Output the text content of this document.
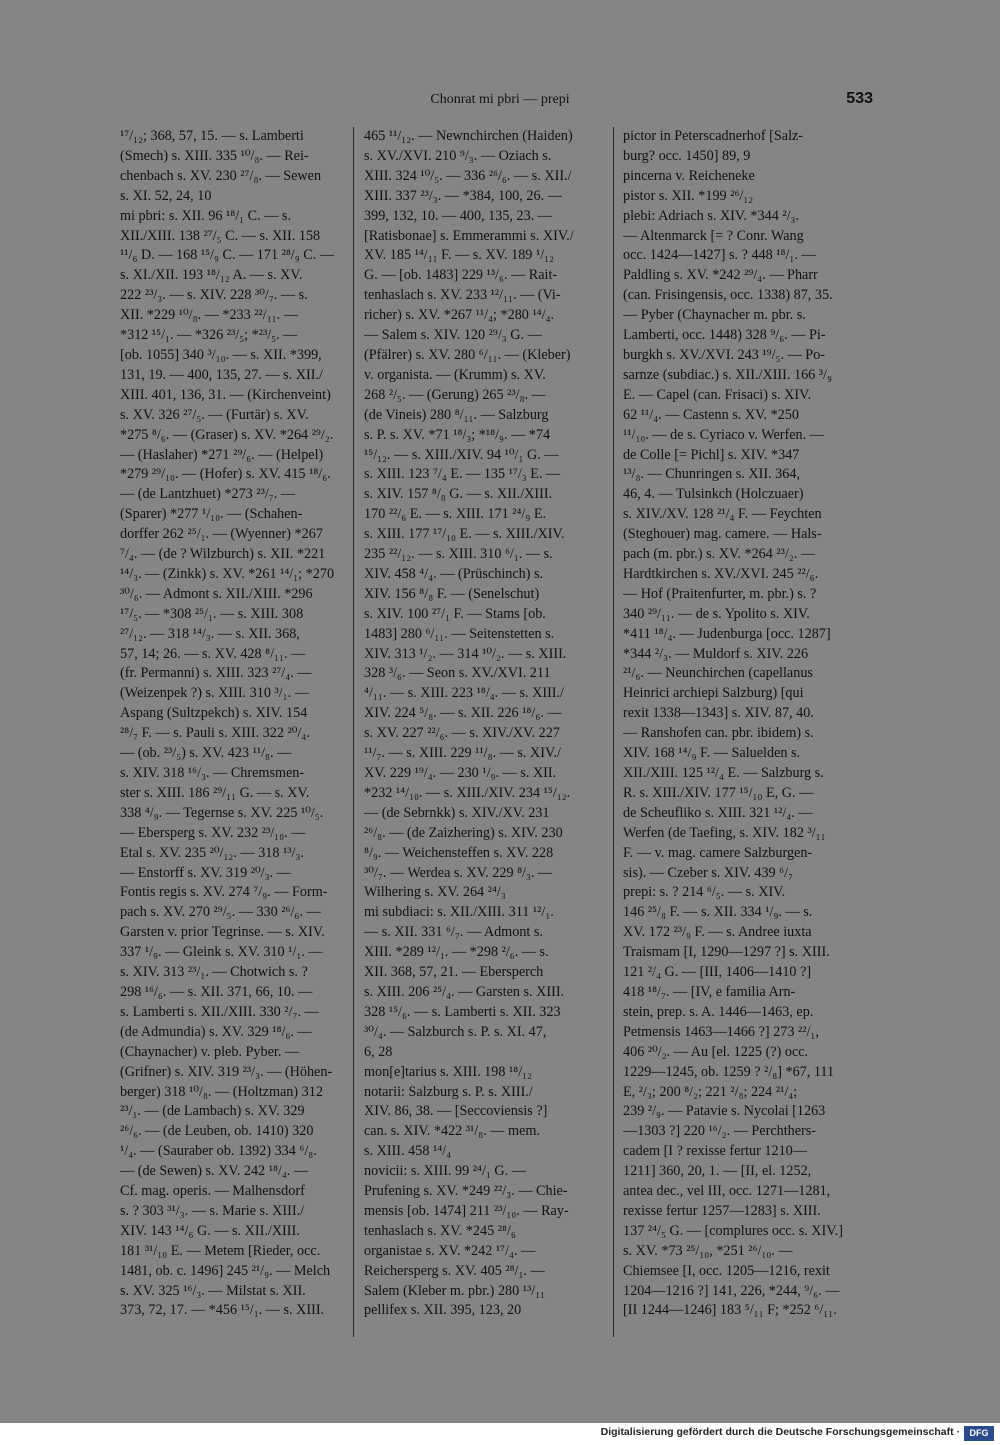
Chonrat mi pbri — prepi	533
¹⁷/₁₂; 368, 57, 15. — s. Lamberti
(Smech) s. XIII. 335 ¹⁰/₈. — Rei-
chenbach s. XV. 230 ²⁷/₈. — Sewen
s. XI. 52, 24, 10
mi pbri: s. XII. 96 ¹⁸/₁ C. — s.
XII./XIII. 138 ²⁷/₅ C. — s. XII. 158
¹¹/₆ D. — 168 ¹⁵/₉ C. — 171 ²⁸/₉ C. —
s. XI./XII. 193 ¹⁸/₁₂ A. — s. XV.
222 ²³/₃. — s. XIV. 228 ³⁰/₇. — s.
XII. *229 ¹⁰/₈. — *233 ²²/₁₁. —
*312 ¹⁵/₁. — *326 ²³/₅; *²³/₅. —
[ob. 1055] 340 ³/₁₀. — s. XII. *399,
131, 19. — 400, 135, 27. — s. XII./
XIII. 401, 136, 31. — (Kirchenveint)
s. XV. 326 ²⁷/₅. — (Furtär) s. XV.
*275 ⁸/₆. — (Graser) s. XV. *264 ²⁹/₂.
— (Haslaher) *271 ²⁹/₆. — (Helpel)
*279 ²⁹/₁₀. — (Hofer) s. XV. 415 ¹⁸/₆.
— (de Lantzhuet) *273 ²³/₇. —
(Sparer) *277 ¹/₁₀. — (Schahen-
dorffer 262 ²⁵/₁. — (Wyenner) *267
⁷/₄. — (de ? Wilzburch) s. XII. *221
¹⁴/₃. — (Zinkk) s. XV. *261 ¹⁴/₁; *270
³⁰/₆. — Admont s. XII./XIII. *296
¹⁷/₅. — *308 ²⁵/₁. — s. XIII. 308
²⁷/₁₂. — 318 ¹⁴/₃. — s. XII. 368,
57, 14; 26. — s. XV. 428 ⁸/₁₁. —
(fr. Permanni) s. XIII. 323 ²⁷/₄. —
(Weizenpek ?) s. XIII. 310 ³/₁. —
Aspang (Sultzpekch) s. XIV. 154
²⁸/₇ F. — s. Pauli s. XIII. 322 ²⁰/₄.
— (ob. ²³/₅) s. XV. 423 ¹¹/₈. —
s. XIV. 318 ¹⁶/₃. — Chremsmen-
ster s. XIII. 186 ²⁹/₁₁ G. — s. XV.
338 ⁴/₉. — Tegernse s. XV. 225 ¹⁰/₅.
— Ebersperg s. XV. 232 ²³/₁₀. —
Etal s. XV. 235 ²⁰/₁₂. — 318 ¹³/₃.
— Enstorff s. XV. 319 ²⁰/₃. —
Fontis regis s. XV. 274 ⁷/₉. — Form-
pach s. XV. 270 ²⁹/₅. — 330 ²⁶/₆. —
Garsten v. prior Tegrinse. — s. XIV.
337 ¹/₉. — Gleink s. XV. 310 ¹/₁. —
s. XIV. 313 ²³/₁. — Chotwich s. ?
298 ¹⁶/₆. — s. XII. 371, 66, 10. —
s. Lamberti s. XII./XIII. 330 ²/₇. —
(de Admundia) s. XV. 329 ¹⁸/₆. —
(Chaynacher) v. pleb. Pyber. —
(Grifner) s. XIV. 319 ²³/₃. — (Höhen-
berger) 318 ¹⁰/₈. — (Holtzman) 312
²³/₁. — (de Lambach) s. XV. 329
²⁶/₆. — (de Leuben, ob. 1410) 320
¹/₄. — (Sauraber ob. 1392) 334 ⁶/₈.
— (de Sewen) s. XV. 242 ¹⁸/₄. —
Cf. mag. operis. — Malhensdorf
s. ? 303 ³¹/₃. — s. Marie s. XIII./
XIV. 143 ¹⁴/₆ G. — s. XII./XIII.
181 ³¹/₁₀ E. — Metem [Rieder, occ.
1481, ob. c. 1496] 245 ²¹/₉. — Melch
s. XV. 325 ¹⁶/₃. — Milstat s. XII.
373, 72, 17. — *456 ¹⁵/₁. — s. XIII.
465 ¹¹/₁₂. — Newnchirchen (Haiden)
s. XV./XVI. 210 ⁹/₃. — Oziach s.
XIII. 324 ¹⁰/₅. — 336 ²⁶/₆. — s. XII./
XIII. 337 ²³/₃. — *384, 100, 26. —
399, 132, 10. — 400, 135, 23. —
[Ratisbonae] s. Emmerammi s. XIV./
XV. 185 ¹⁴/₁₁ F. — s. XV. 189 ¹/₁₂
G. — [ob. 1483] 229 ¹³/₆. — Rait-
tenhaslach s. XV. 233 ¹²/₁₁. — (Vi-
richer) s. XV. *267 ¹¹/₄; *280 ¹⁴/₄.
— Salem s. XIV. 120 ²⁹/₃ G. —
(Pfälrer) s. XV. 280 ⁶/₁₁. — (Kleber)
v. organista. — (Krumm) s. XV.
268 ²/₅. — (Gerung) 265 ²³/₈. —
(de Vineis) 280 ⁸/₁₁. — Salzburg
s. P. s. XV. *71 ¹⁸/₃; *¹⁸/₉. — *74
¹⁵/₁₂. — s. XIII./XIV. 94 ¹⁰/₁ G. —
s. XIII. 123 ⁷/₄ E. — 135 ¹⁷/₃ E. —
s. XIV. 157 ⁸/₈ G. — s. XII./XIII.
170 ²²/₆ E. — s. XIII. 171 ²⁴/₉ E.
s. XIII. 177 ¹⁷/₁₀ E. — s. XIII./XIV.
235 ²²/₁₂. — s. XIII. 310 ⁶/₁. — s.
XIV. 458 ⁴/₄. — (Prüschinch) s.
XIV. 156 ⁸/₈ F. — (Senelschut)
s. XIV. 100 ²⁷/₁ F. — Stams [ob.
1483] 280 ⁶/₁₁. — Seitenstetten s.
XIV. 313 ¹/₂. — 314 ¹⁰/₂. — s. XIII.
328 ³/₆. — Seon s. XV./XVI. 211
⁴/₁₁. — s. XIII. 223 ¹⁸/₄. — s. XIII./
XIV. 224 ⁵/₈. — s. XII. 226 ¹⁸/₆. —
s. XV. 227 ²²/₆. — s. XIV./XV. 227
¹¹/₇. — s. XIII. 229 ¹¹/₈. — s. XIV./
XV. 229 ¹⁹/₄. — 230 ¹/₉. — s. XII.
*232 ¹⁴/₁₀. — s. XIII./XIV. 234 ¹⁵/₁₂.
— (de Sebrnkk) s. XIV./XV. 231
²⁶/₈. — (de Zaizhering) s. XIV. 230
⁸/₉. — Weichensteffen s. XV. 228
³⁰/₇. — Werdea s. XV. 229 ⁸/₃. —
Wilhering s. XV. 264 ²⁴/₃
mi subdiaci: s. XII./XIII. 311 ¹²/₁.
— s. XII. 331 ⁶/₇. — Admont s.
XIII. *289 ¹²/₁. — *298 ²/₆. — s.
XII. 368, 57, 21. — Ebersperch
s. XIII. 206 ²⁵/₄. — Garsten s. XIII.
328 ¹⁵/₆. — s. Lamberti s. XII. 323
³⁰/₄. — Salzburch s. P. s. XI. 47,
6, 28
mon[e]tarius s. XIII. 198 ¹⁸/₁₂
notarii: Salzburg s. P. s. XIII./
XIV. 86, 38. — [Seccoviensis ?]
can. s. XIV. *422 ³¹/₈. — mem.
s. XIII. 458 ¹⁴/₄
novicii: s. XIII. 99 ²⁴/₁ G. —
Prufening s. XV. *249 ²²/₃. — Chie-
mensis [ob. 1474] 211 ²³/₁₀. — Ray-
tenhaslach s. XV. *245 ²⁸/₆
organistae s. XV. *242 ¹⁷/₄. —
Reichersperg s. XV. 405 ²⁸/₁. —
Salem (Kleber m. pbr.) 280 ¹³/₁₁
pellifex s. XII. 395, 123, 20
pictor in Peterscadnerhof [Salz-
burg? occ. 1450] 89, 9
pincerna v. Reicheneke
pistor s. XII. *199 ²⁶/₁₂
plebi: Adriach s. XIV. *344 ²/₃.
— Altenmarck [= ? Conr. Wang
occ. 1424—1427] s. ? 448 ¹⁸/₁. —
Paldling s. XV. *242 ²⁹/₄. — Pharr
(can. Frisingensis, occ. 1338) 87, 35.
— Pyber (Chaynacher m. pbr. s.
Lamberti, occ. 1448) 328 ⁹/₆. — Pi-
burgkh s. XV./XVI. 243 ¹⁹/₅. — Po-
sarnze (subdiac.) s. XII./XIII. 166 ³/₉
E. — Capel (can. Frisaci) s. XIV.
62 ¹¹/₄. — Castenn s. XV. *250
¹¹/₁₀. — de s. Cyriaco v. Werfen. —
de Colle [= Pichl] s. XIV. *347
¹³/₈. — Chunringen s. XII. 364,
46, 4. — Tulsinkch (Holczuaer)
s. XIV./XV. 128 ²¹/₄ F. — Feychten
(Steghouer) mag. camere. — Hals-
pach (m. pbr.) s. XV. *264 ²³/₂. —
Hardtkirchen s. XV./XVI. 245 ²²/₆.
— Hof (Praitenfurter, m. pbr.) s. ?
340 ²⁹/₁₁. — de s. Ypolito s. XIV.
*411 ¹⁸/₄. — Judenburga [occ. 1287]
*344 ²/₃. — Muldorf s. XIV. 226
²¹/₆. — Neunchirchen (capellanus
Heinrici archiepi Salzburg) [qui
rexit 1338—1343] s. XIV. 87, 40.
— Ranshofen can. pbr. ibidem) s.
XIV. 168 ¹⁴/₉ F. — Saluelden s.
XII./XIII. 125 ¹²/₄ E. — Salzburg s.
R. s. XIII./XIV. 177 ¹⁵/₁₀ E, G. —
de Scheufliko s. XIII. 321 ¹²/₄. —
Werfen (de Taefing, s. XIV. 182 ³/₁₁
F. — v. mag. camere Salzburgen-
sis). — Czeber s. XIV. 439 ⁶/₇
prepi: s. ? 214 ⁶/₅. — s. XIV.
146 ²⁵/₈ F. — s. XII. 334 ¹/₉. — s.
XV. 172 ²³/₉ F. — s. Andree iuxta
Traismam [I, 1290—1297 ?] s. XIII.
121 ²/₄ G. — [III, 1406—1410 ?]
418 ¹⁸/₇. — [IV, e familia Arn-
stein, prep. s. A. 1446—1463, ep.
Petmensis 1463—1466 ?] 273 ²²/₁,
406 ²⁰/₂. — Au [el. 1225 (?) occ.
1229—1245, ob. 1259 ? ²/₈] *67, 111
E, ²/₃; 200 ⁸/₂; 221 ²/₈; 224 ²¹/₄;
239 ²/₉. — Patavie s. Nycolai [1263
—1303 ?] 220 ¹⁶/₂. — Perchthers-
cadem [I ? rexisse fertur 1210—
1211] 360, 20, 1. — [II, el. 1252,
antea dec., vel III, occ. 1271—1281,
rexisse fertur 1257—1283] s. XIII.
137 ²⁴/₅ G. — [complures occ. s. XIV.]
s. XV. *73 ²⁵/₁₀, *251 ²⁶/₁₀. —
Chiemsee [I, occ. 1205—1216, rexit
1204—1216 ?] 141, 226, *244, ⁹/₆. —
[II 1244—1246] 183 ⁵/₁₁ F; *252 ⁶/₁₁.
Digitalisierung gefördert durch die Deutsche Forschungsgemeinschaft ·	DFG
